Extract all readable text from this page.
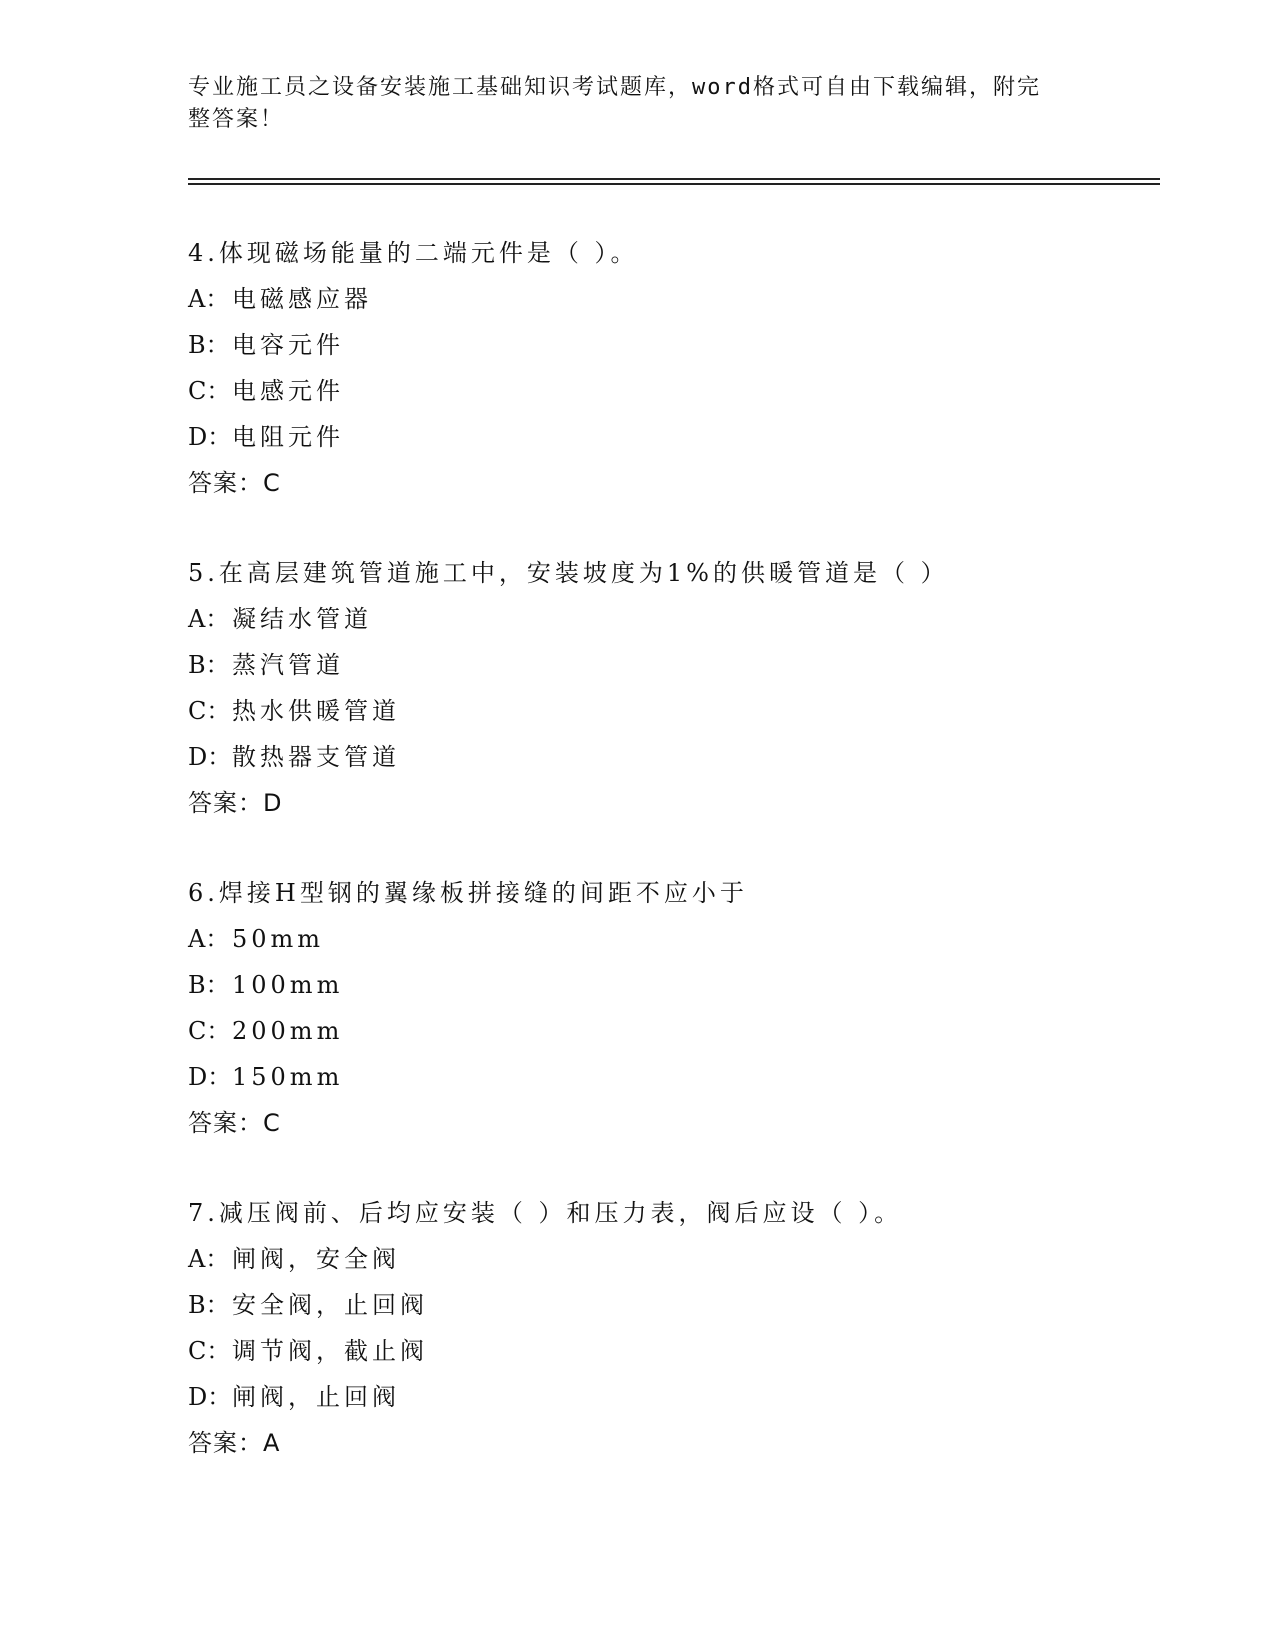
专业施工员之设备安装施工基础知识考试题库，word格式可自由下载编辑，附完
整答案！
4.体现磁场能量的二端元件是（ ）。
A： 电磁感应器
B：电容元件
C：电感元件
D：电阻元件
答案：C
5.在高层建筑管道施工中，安装坡度为1%的供暖管道是（ ）
A： 凝结水管道
B：蒸汽管道
C：热水供暖管道
D：散热器支管道
答案：D
6.焊接H型钢的翼缘板拼接缝的间距不应小于
A： 50mm
B：100mm
C：200mm
D：150mm
答案：C
7.减压阀前、后均应安装（ ）和压力表，阀后应设（ ）。
A： 闸阀，安全阀
B：安全阀，止回阀
C：调节阀，截止阀
D：闸阀，止回阀
答案：A
